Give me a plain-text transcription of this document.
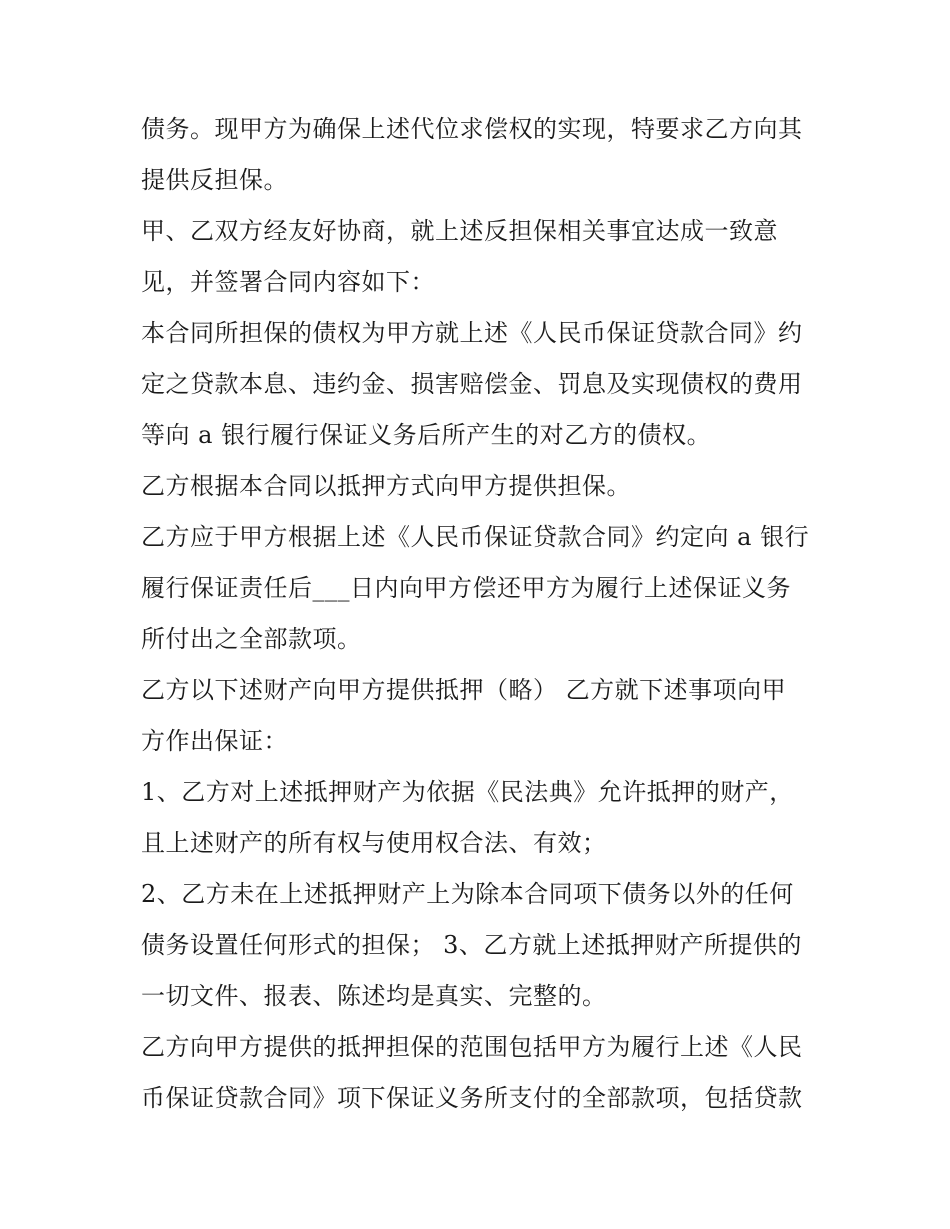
债务。现甲方为确保上述代位求偿权的实现，特要求乙方向其
提供反担保。
甲、乙双方经友好协商，就上述反担保相关事宜达成一致意
见，并签署合同内容如下：
本合同所担保的债权为甲方就上述《人民币保证贷款合同》约
定之贷款本息、违约金、损害赔偿金、罚息及实现债权的费用
等向 a 银行履行保证义务后所产生的对乙方的债权。
乙方根据本合同以抵押方式向甲方提供担保。
乙方应于甲方根据上述《人民币保证贷款合同》约定向 a 银行
履行保证责任后___日内向甲方偿还甲方为履行上述保证义务
所付出之全部款项。
乙方以下述财产向甲方提供抵押（略） 乙方就下述事项向甲
方作出保证：
1、乙方对上述抵押财产为依据《民法典》允许抵押的财产，
且上述财产的所有权与使用权合法、有效；
2、乙方未在上述抵押财产上为除本合同项下债务以外的任何
债务设置任何形式的担保； 3、乙方就上述抵押财产所提供的
一切文件、报表、陈述均是真实、完整的。
乙方向甲方提供的抵押担保的范围包括甲方为履行上述《人民
币保证贷款合同》项下保证义务所支付的全部款项，包括贷款
